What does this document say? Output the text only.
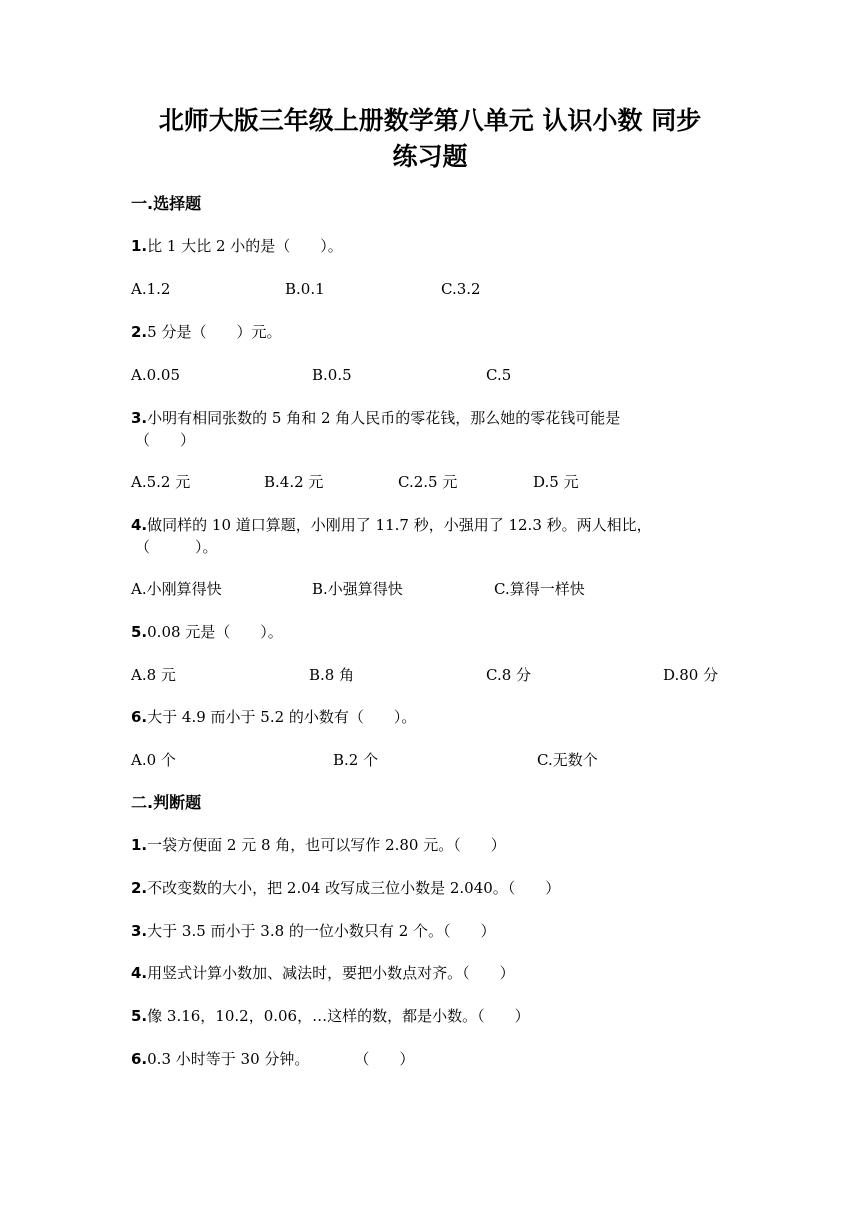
北师大版三年级上册数学第八单元 认识小数 同步
练习题
一.选择题
1.比 1 大比 2 小的是（　　）。
A.1.2	B.0.1	C.3.2
2.5 分是（　　）元。
A.0.05	B.0.5	C.5
3.小明有相同张数的 5 角和 2 角人民币的零花钱，那么她的零花钱可能是
（　　）
A.5.2 元	B.4.2 元	C.2.5 元	D.5 元
4.做同样的 10 道口算题，小刚用了 11.7 秒，小强用了 12.3 秒。两人相比，
（　　　）。
A.小刚算得快	B.小强算得快	C.算得一样快
5.0.08 元是（　　）。
A.8 元	B.8 角	C.8 分	D.80 分
6.大于 4.9 而小于 5.2 的小数有（　　）。
A.0 个	B.2 个	C.无数个
二.判断题
1.一袋方便面 2 元 8 角，也可以写作 2.80 元。（　　）
2.不改变数的大小，把 2.04 改写成三位小数是 2.040。（　　）
3.大于 3.5 而小于 3.8 的一位小数只有 2 个。（　　）
4.用竖式计算小数加、减法时，要把小数点对齐。（　　）
5.像 3.16，10.2，0.06，…这样的数，都是小数。（　　）
6.0.3 小时等于 30 分钟。　　　　（　　）
